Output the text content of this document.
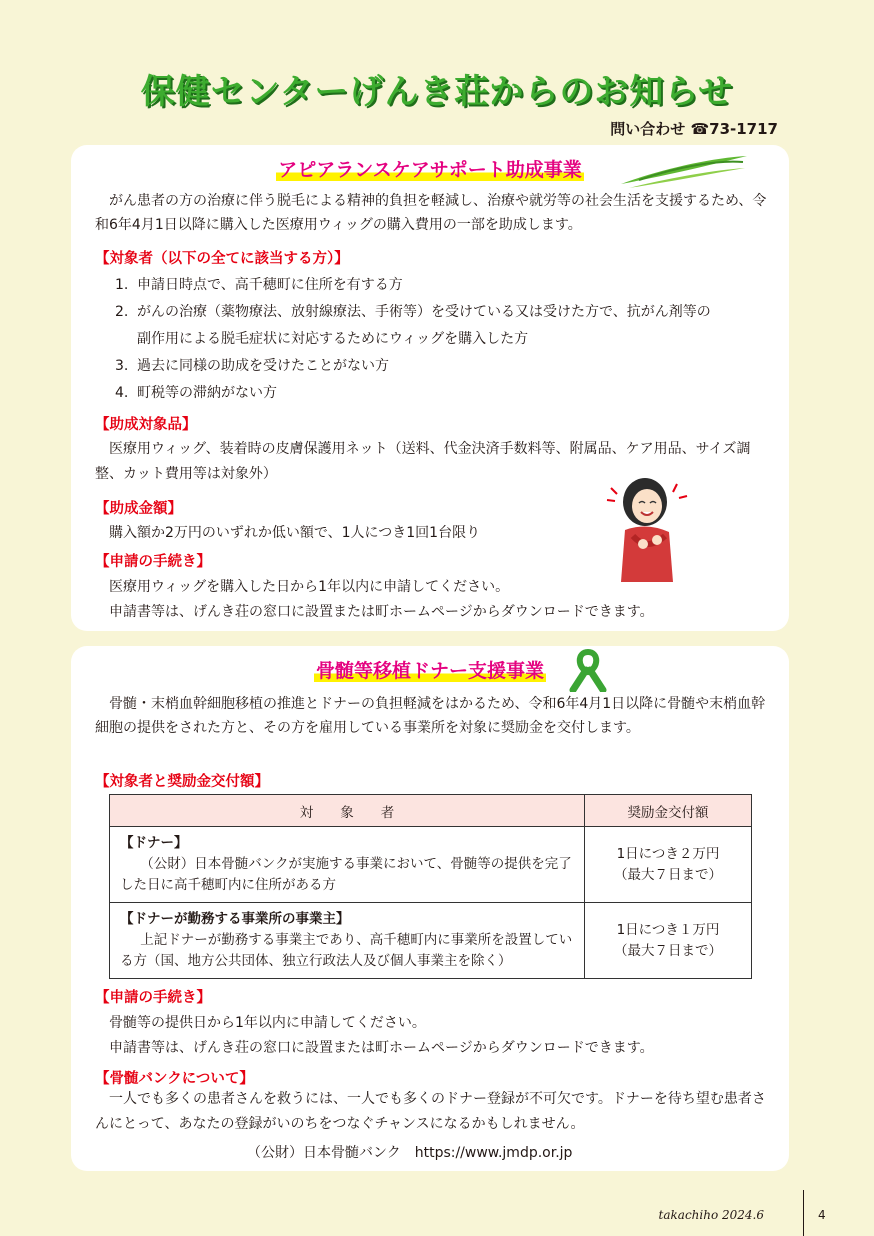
保健センターげんき荘からのお知らせ
問い合わせ ☎73-1717
アピアランスケアサポート助成事業

がん患者の方の治療に伴う脱毛による精神的負担を軽減し、治療や就労等の社会生活を支援するため、令和6年4月1日以降に購入した医療用ウィッグの購入費用の一部を助成します。

【対象者（以下の全てに該当する方）】

1. 申請日時点で、高千穂町に住所を有する方

2. がんの治療（薬物療法、放射線療法、手術等）を受けている又は受けた方で、抗がん剤等の

副作用による脱毛症状に対応するためにウィッグを購入した方

3. 過去に同様の助成を受けたことがない方

4. 町税等の滞納がない方

【助成対象品】

医療用ウィッグ、装着時の皮膚保護用ネット（送料、代金決済手数料等、附属品、ケア用品、サイズ調整、カット費用等は対象外）

【助成金額】

購入額か2万円のいずれか低い額で、1人につき1回1台限り

【申請の手続き】

医療用ウィッグを購入した日から1年以内に申請してください。

申請書等は、げんき荘の窓口に設置または町ホームページからダウンロードできます。

骨髄等移植ドナー支援事業

骨髄・末梢血幹細胞移植の推進とドナーの負担軽減をはかるため、令和6年4月1日以降に骨髄や末梢血幹細胞の提供をされた方と、その方を雇用している事業所を対象に奨励金を交付します。

【対象者と奨励金交付額】

対　　象　　者	奨励金交付額
【ドナー】

（公財）日本骨髄バンクが実施する事業において、骨髄等の提供を完了した日に高千穂町内に住所がある方	1日につき２万円
（最大７日まで）
【ドナーが勤務する事業所の事業主】

上記ドナーが勤務する事業主であり、高千穂町内に事業所を設置している方（国、地方公共団体、独立行政法人及び個人事業主を除く）	1日につき１万円
（最大７日まで）

【申請の手続き】

骨髄等の提供日から1年以内に申請してください。

申請書等は、げんき荘の窓口に設置または町ホームページからダウンロードできます。

【骨髄バンクについて】

一人でも多くの患者さんを救うには、一人でも多くのドナー登録が不可欠です。ドナーを待ち望む患者さんにとって、あなたの登録がいのちをつなぐチャンスになるかもしれません。

（公財）日本骨髄バンク　https://www.jmdp.or.jp

takachiho 2024.6	4
